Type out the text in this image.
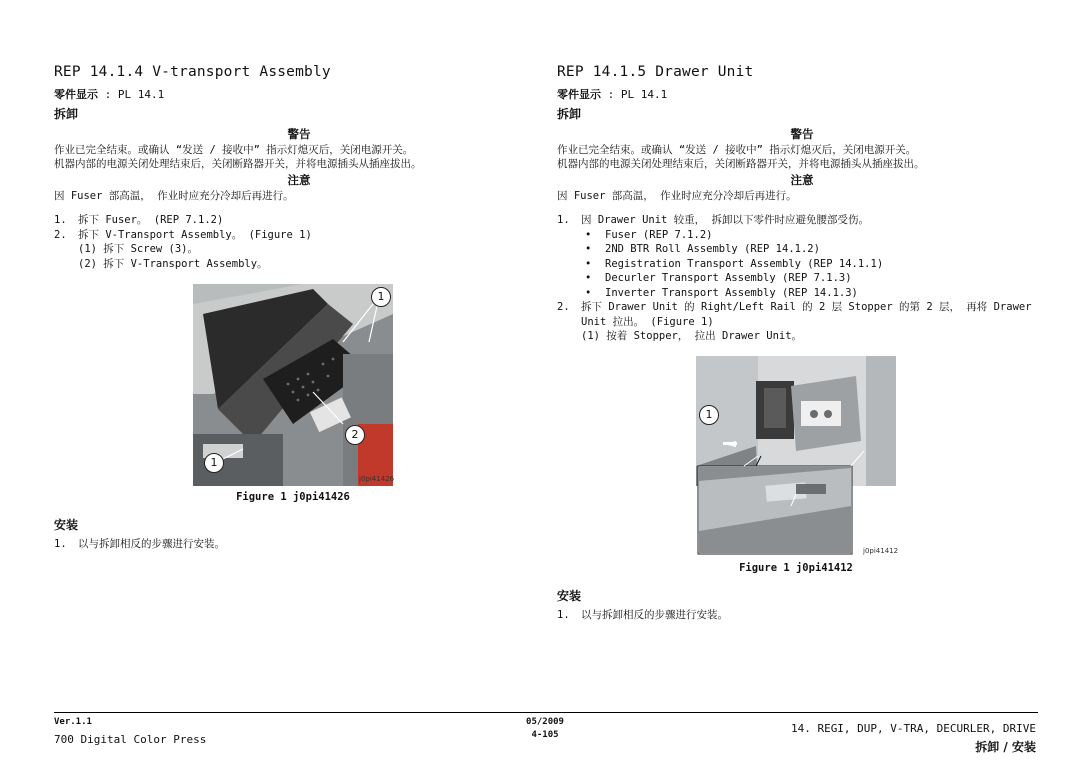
REP 14.1.4 V-transport Assembly

零件显示 : PL 14.1

拆卸

警告

作业已完全结束。或确认 “发送 / 接收中” 指示灯熄灭后，关闭电源开关。

机器内部的电源关闭处理结束后，关闭断路器开关，并将电源插头从插座拔出。

注意

因 Fuser 部高温， 作业时应充分冷却后再进行。

1. 拆下 Fuser。 (REP 7.1.2)
2. 拆下 V-Transport Assembly。 (Figure 1)
(1) 拆下 Screw (3)。
(2) 拆下 V-Transport Assembly。
1
2
1
j0pi41426
Figure 1 j0pi41426

安装

1. 以与拆卸相反的步骤进行安装。
REP 14.1.5 Drawer Unit

零件显示 : PL 14.1

拆卸

警告

作业已完全结束。或确认 “发送 / 接收中” 指示灯熄灭后，关闭电源开关。

机器内部的电源关闭处理结束后，关闭断路器开关，并将电源插头从插座拔出。

注意

因 Fuser 部高温， 作业时应充分冷却后再进行。

1. 因 Drawer Unit 较重， 拆卸以下零件时应避免腰部受伤。
• Fuser (REP 7.1.2)
• 2ND BTR Roll Assembly (REP 14.1.2)
• Registration Transport Assembly (REP 14.1.1)
• Decurler Transport Assembly (REP 7.1.3)
• Inverter Transport Assembly (REP 14.1.3)
2. 拆下 Drawer Unit 的 Right/Left Rail 的 2 层 Stopper 的第 2 层， 再将 Drawer Unit 拉出。 (Figure 1)
(1) 按着 Stopper， 拉出 Drawer Unit。
1
j0pi41412
Figure 1 j0pi41412

安装

1. 以与拆卸相反的步骤进行安装。
Ver.1.1
700 Digital Color Press
05/2009
4-105	14. REGI, DUP, V-TRA, DECURLER, DRIVE
拆卸 / 安装
